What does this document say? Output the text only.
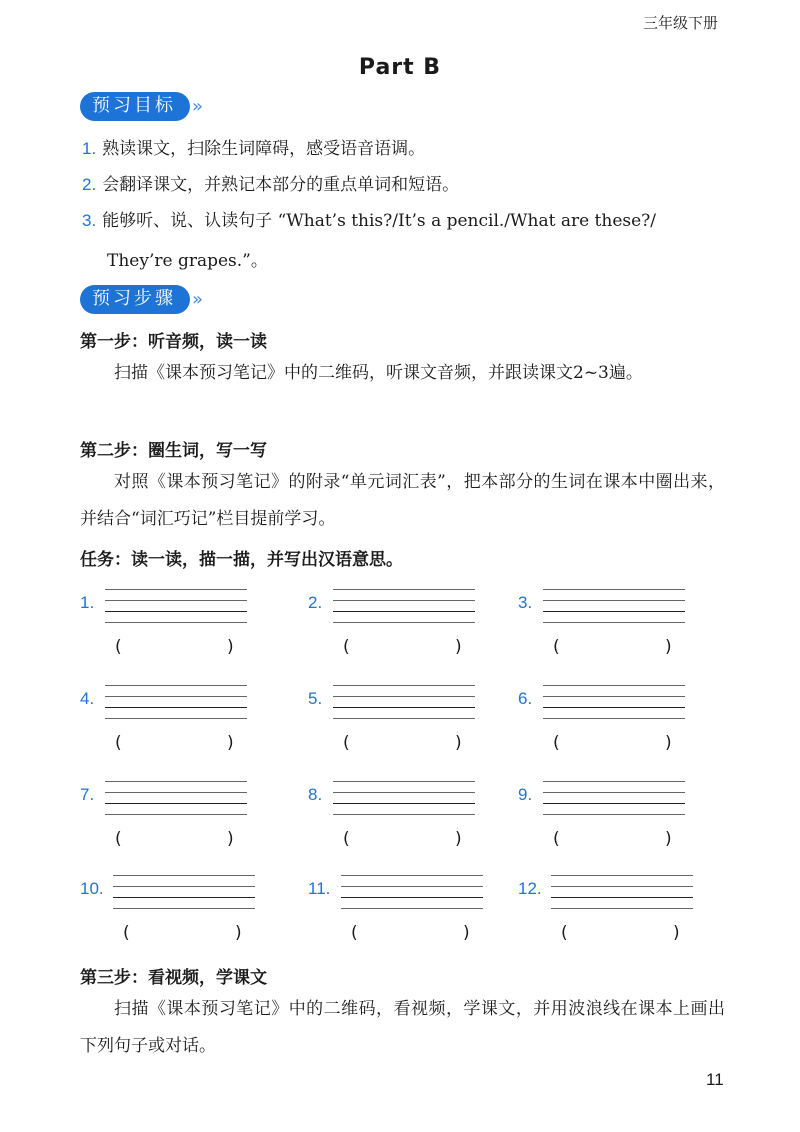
三年级下册
Part B
预习目标 »
1. 熟读课文，扫除生词障碍，感受语音语调。
2. 会翻译课文，并熟记本部分的重点单词和短语。
3. 能够听、说、认读句子 “What’s this?/It’s a pencil./What are these?/
They’re grapes.”。
预习步骤 »
第一步：听音频，读一读
扫描《课本预习笔记》中的二维码，听课文音频，并跟读课文2~3遍。
第二步：圈生词，写一写
对照《课本预习笔记》的附录“单元词汇表”，把本部分的生词在课本中圈出来，并结合“词汇巧记”栏目提前学习。
任务：读一读，描一描，并写出汉语意思。
1.
(	)
2.
(	)
3.
(	)
4.
(	)
5.
(	)
6.
(	)
7.
(	)
8.
(	)
9.
(	)
10.
(	)
11.
(	)
12.
(	)
第三步：看视频，学课文
扫描《课本预习笔记》中的二维码，看视频，学课文，并用波浪线在课本上画出下列句子或对话。
11
